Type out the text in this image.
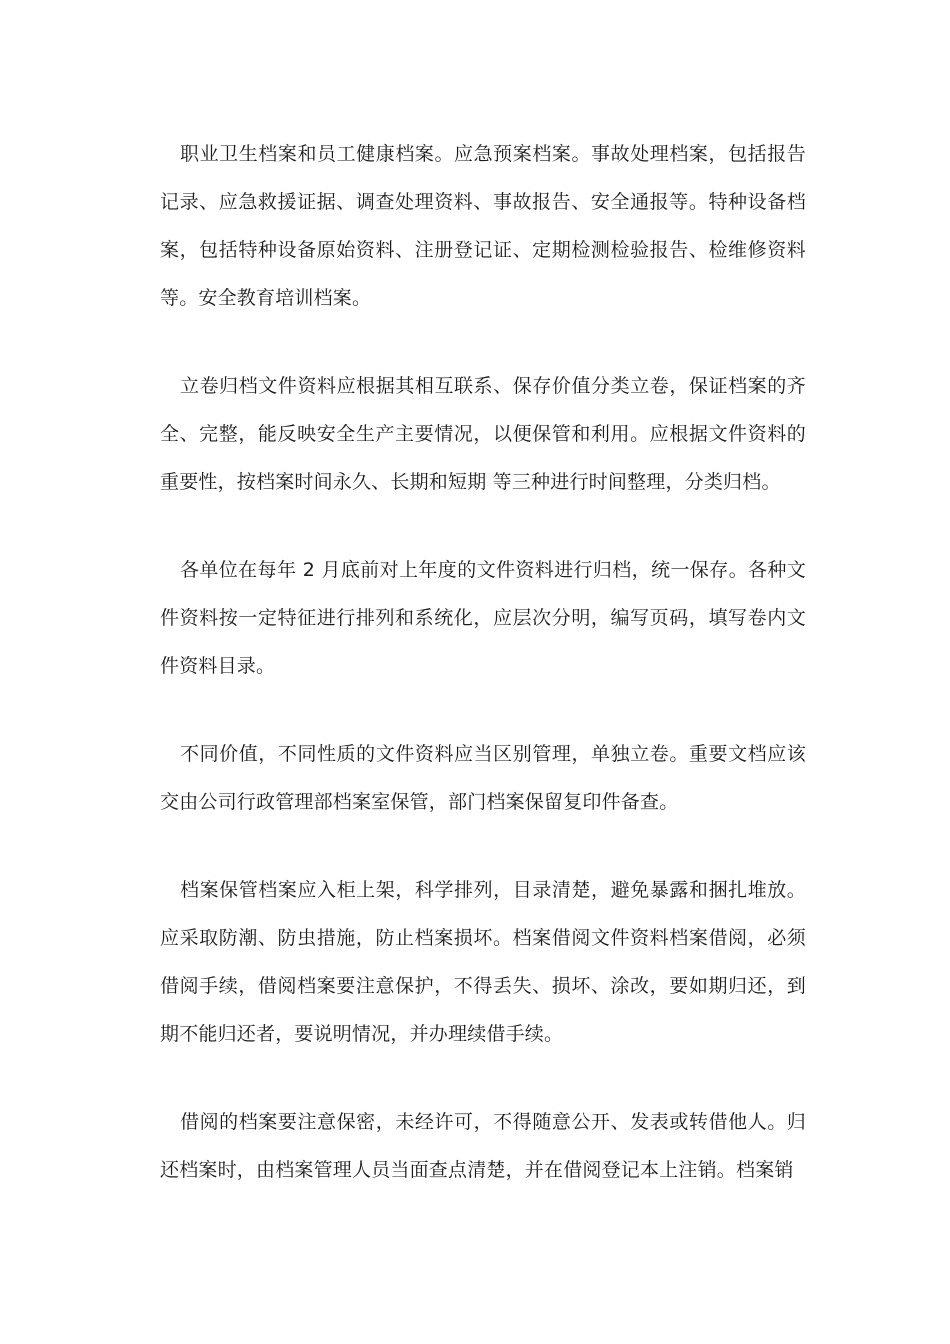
职业卫生档案和员工健康档案。应急预案档案。事故处理档案，包括报告记录、应急救援证据、调查处理资料、事故报告、安全通报等。特种设备档案，包括特种设备原始资料、注册登记证、定期检测检验报告、检维修资料等。安全教育培训档案。

立卷归档文件资料应根据其相互联系、保存价值分类立卷，保证档案的齐全、完整，能反映安全生产主要情况，以便保管和利用。应根据文件资料的重要性，按档案时间永久、长期和短期 等三种进行时间整理，分类归档。

各单位在每年 2 月底前对上年度的文件资料进行归档，统一保存。各种文件资料按一定特征进行排列和系统化，应层次分明，编写页码，填写卷内文件资料目录。

不同价值，不同性质的文件资料应当区别管理，单独立卷。重要文档应该交由公司行政管理部档案室保管，部门档案保留复印件备查。

档案保管档案应入柜上架，科学排列，目录清楚，避免暴露和捆扎堆放。应采取防潮、防虫措施，防止档案损坏。档案借阅文件资料档案借阅，必须借阅手续，借阅档案要注意保护，不得丢失、损坏、涂改，要如期归还，到期不能归还者，要说明情况，并办理续借手续。

借阅的档案要注意保密，未经许可，不得随意公开、发表或转借他人。归还档案时，由档案管理人员当面查点清楚，并在借阅登记本上注销。档案销
